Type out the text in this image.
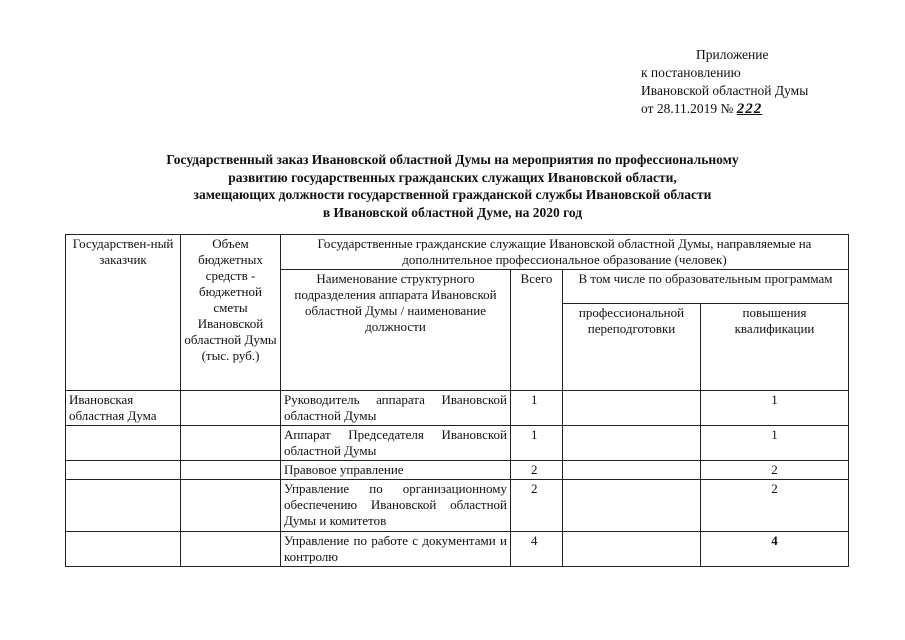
Приложение
к постановлению
Ивановской областной Думы
от 28.11.2019 № 222
Государственный заказ Ивановской областной Думы на мероприятия по профессиональному
развитию государственных гражданских служащих Ивановской области,
замещающих должности государственной гражданской службы Ивановской области
в Ивановской областной Думе, на 2020 год
Государствен-ный заказчик	Объем бюджетных средств - бюджетной сметы Ивановской областной Думы (тыс. руб.)	Государственные гражданские служащие Ивановской областной Думы, направляемые на дополнительное профессиональное образование (человек)			
		Наименование структурного подразделения аппарата Ивановской областной Думы / наименование должности	Всего	В том числе по образовательным программам	
				профессиональной переподготовки	повышения квалификации
Ивановская областная Дума		Руководитель аппарата Ивановской областной Думы	1		1

		Аппарат Председателя Ивановской областной Думы	1		1
		Правовое управление	2		2
		Управление по организационному обеспечению Ивановской областной Думы и комитетов	2		2
		Управление по работе с документами и контролю	4		4
